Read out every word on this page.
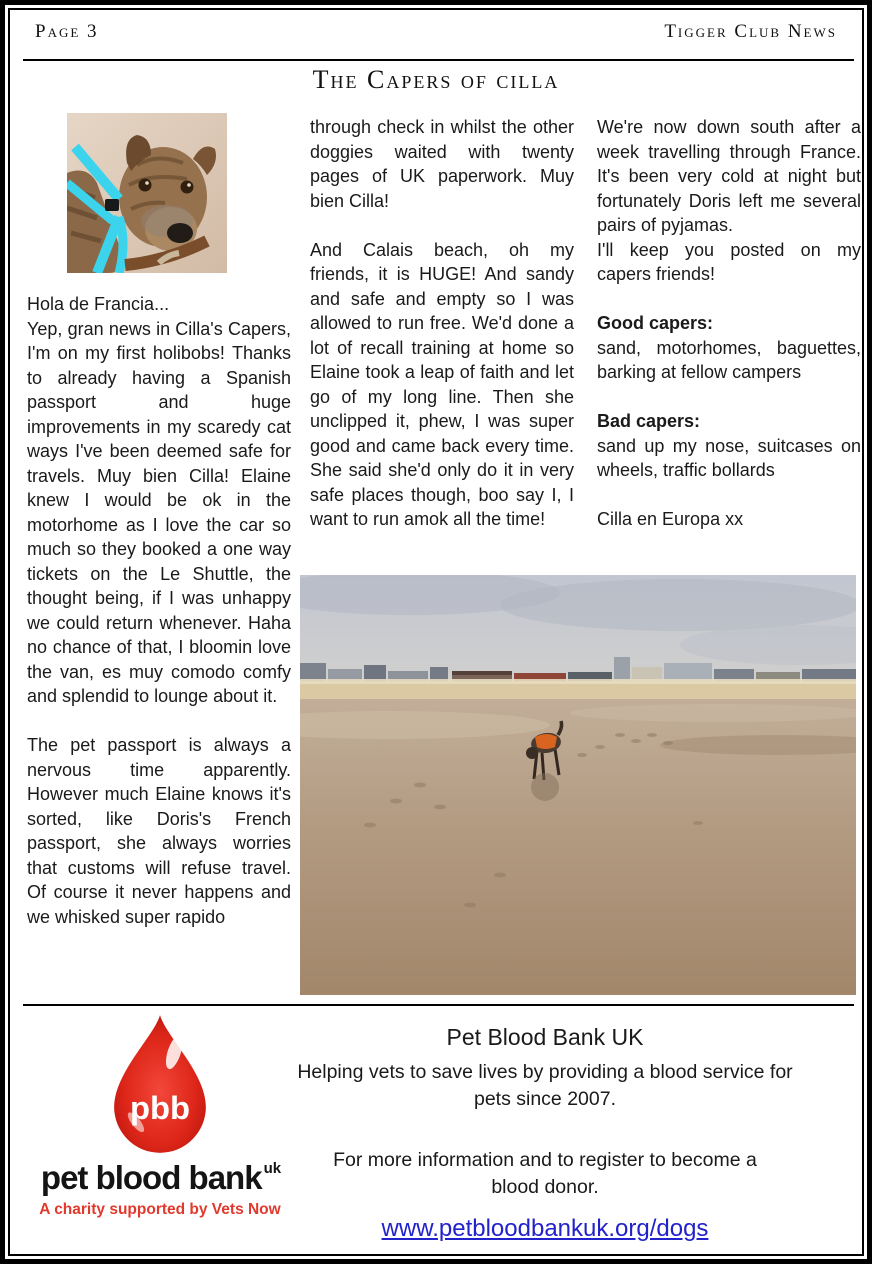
Page 3	Tigger Club News
The Capers of cilla
Hola de Francia...

Yep, gran news in Cilla's Capers, I'm on my first holibobs! Thanks to already having a Spanish passport and huge improvements in my scaredy cat ways I've been deemed safe for travels. Muy bien Cilla! Elaine knew I would be ok in the motorhome as I love the car so much so they booked a one way tickets on the Le Shuttle, the thought being, if I was unhappy we could return whenever. Haha no chance of that, I bloomin love the van, es muy comodo comfy and splendid to lounge about it.

The pet passport is always a nervous time apparently. However much Elaine knows it's sorted, like Doris's French passport, she always worries that customs will refuse travel. Of course it never happens and we whisked super rapido

through check in whilst the other doggies waited with twenty pages of UK paperwork. Muy bien Cilla!

And Calais beach, oh my friends, it is HUGE! And sandy and safe and empty so I was allowed to run free. We'd done a lot of recall training at home so Elaine took a leap of faith and let go of my long line. Then she unclipped it, phew, I was super good and came back every time. She said she'd only do it in very safe places though, boo say I, I want to run amok all the time!

We're now down south after a week travelling through France. It's been very cold at night but fortunately Doris left me several pairs of pyjamas.

I'll keep you posted on my capers friends!

Good capers:

sand, motorhomes, baguettes, barking at fellow campers

Bad capers:

sand up my nose, suitcases on wheels, traffic bollards

Cilla en Europa xx
pbb
pet blood bank $^{uk}$
A charity supported by Vets Now
Pet Blood Bank UK
Helping vets to save lives by providing a blood service for pets since 2007.
For more information and to register to become a blood donor.
www.petbloodbankuk.org/dogs
